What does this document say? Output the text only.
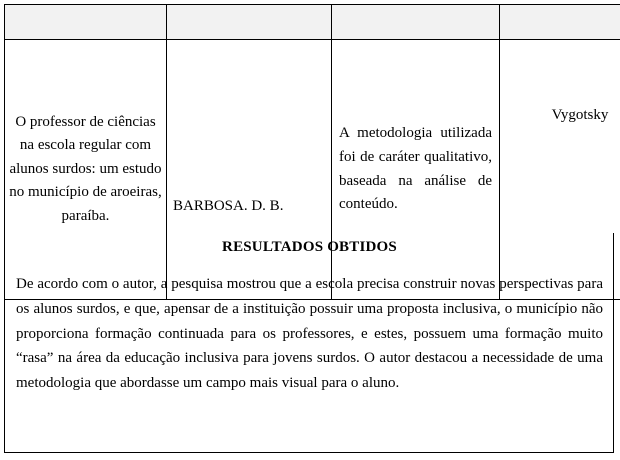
O professor de ciências na escola regular com alunos surdos: um estudo no município de aroeiras, paraíba.	BARBOSA. D. B.	A metodologia utilizada foi de caráter qualitativo, baseada na análise de conteúdo.	Vygotsky
RESULTADOS OBTIDOS

De acordo com o autor, a pesquisa mostrou que a escola precisa construir novas perspectivas para os alunos surdos, e que, apensar de a instituição possuir uma proposta inclusiva, o município não proporciona formação continuada para os professores, e estes, possuem uma formação muito “rasa” na área da educação inclusiva para jovens surdos. O autor destacou a necessidade de uma metodologia que abordasse um campo mais visual para o aluno.
